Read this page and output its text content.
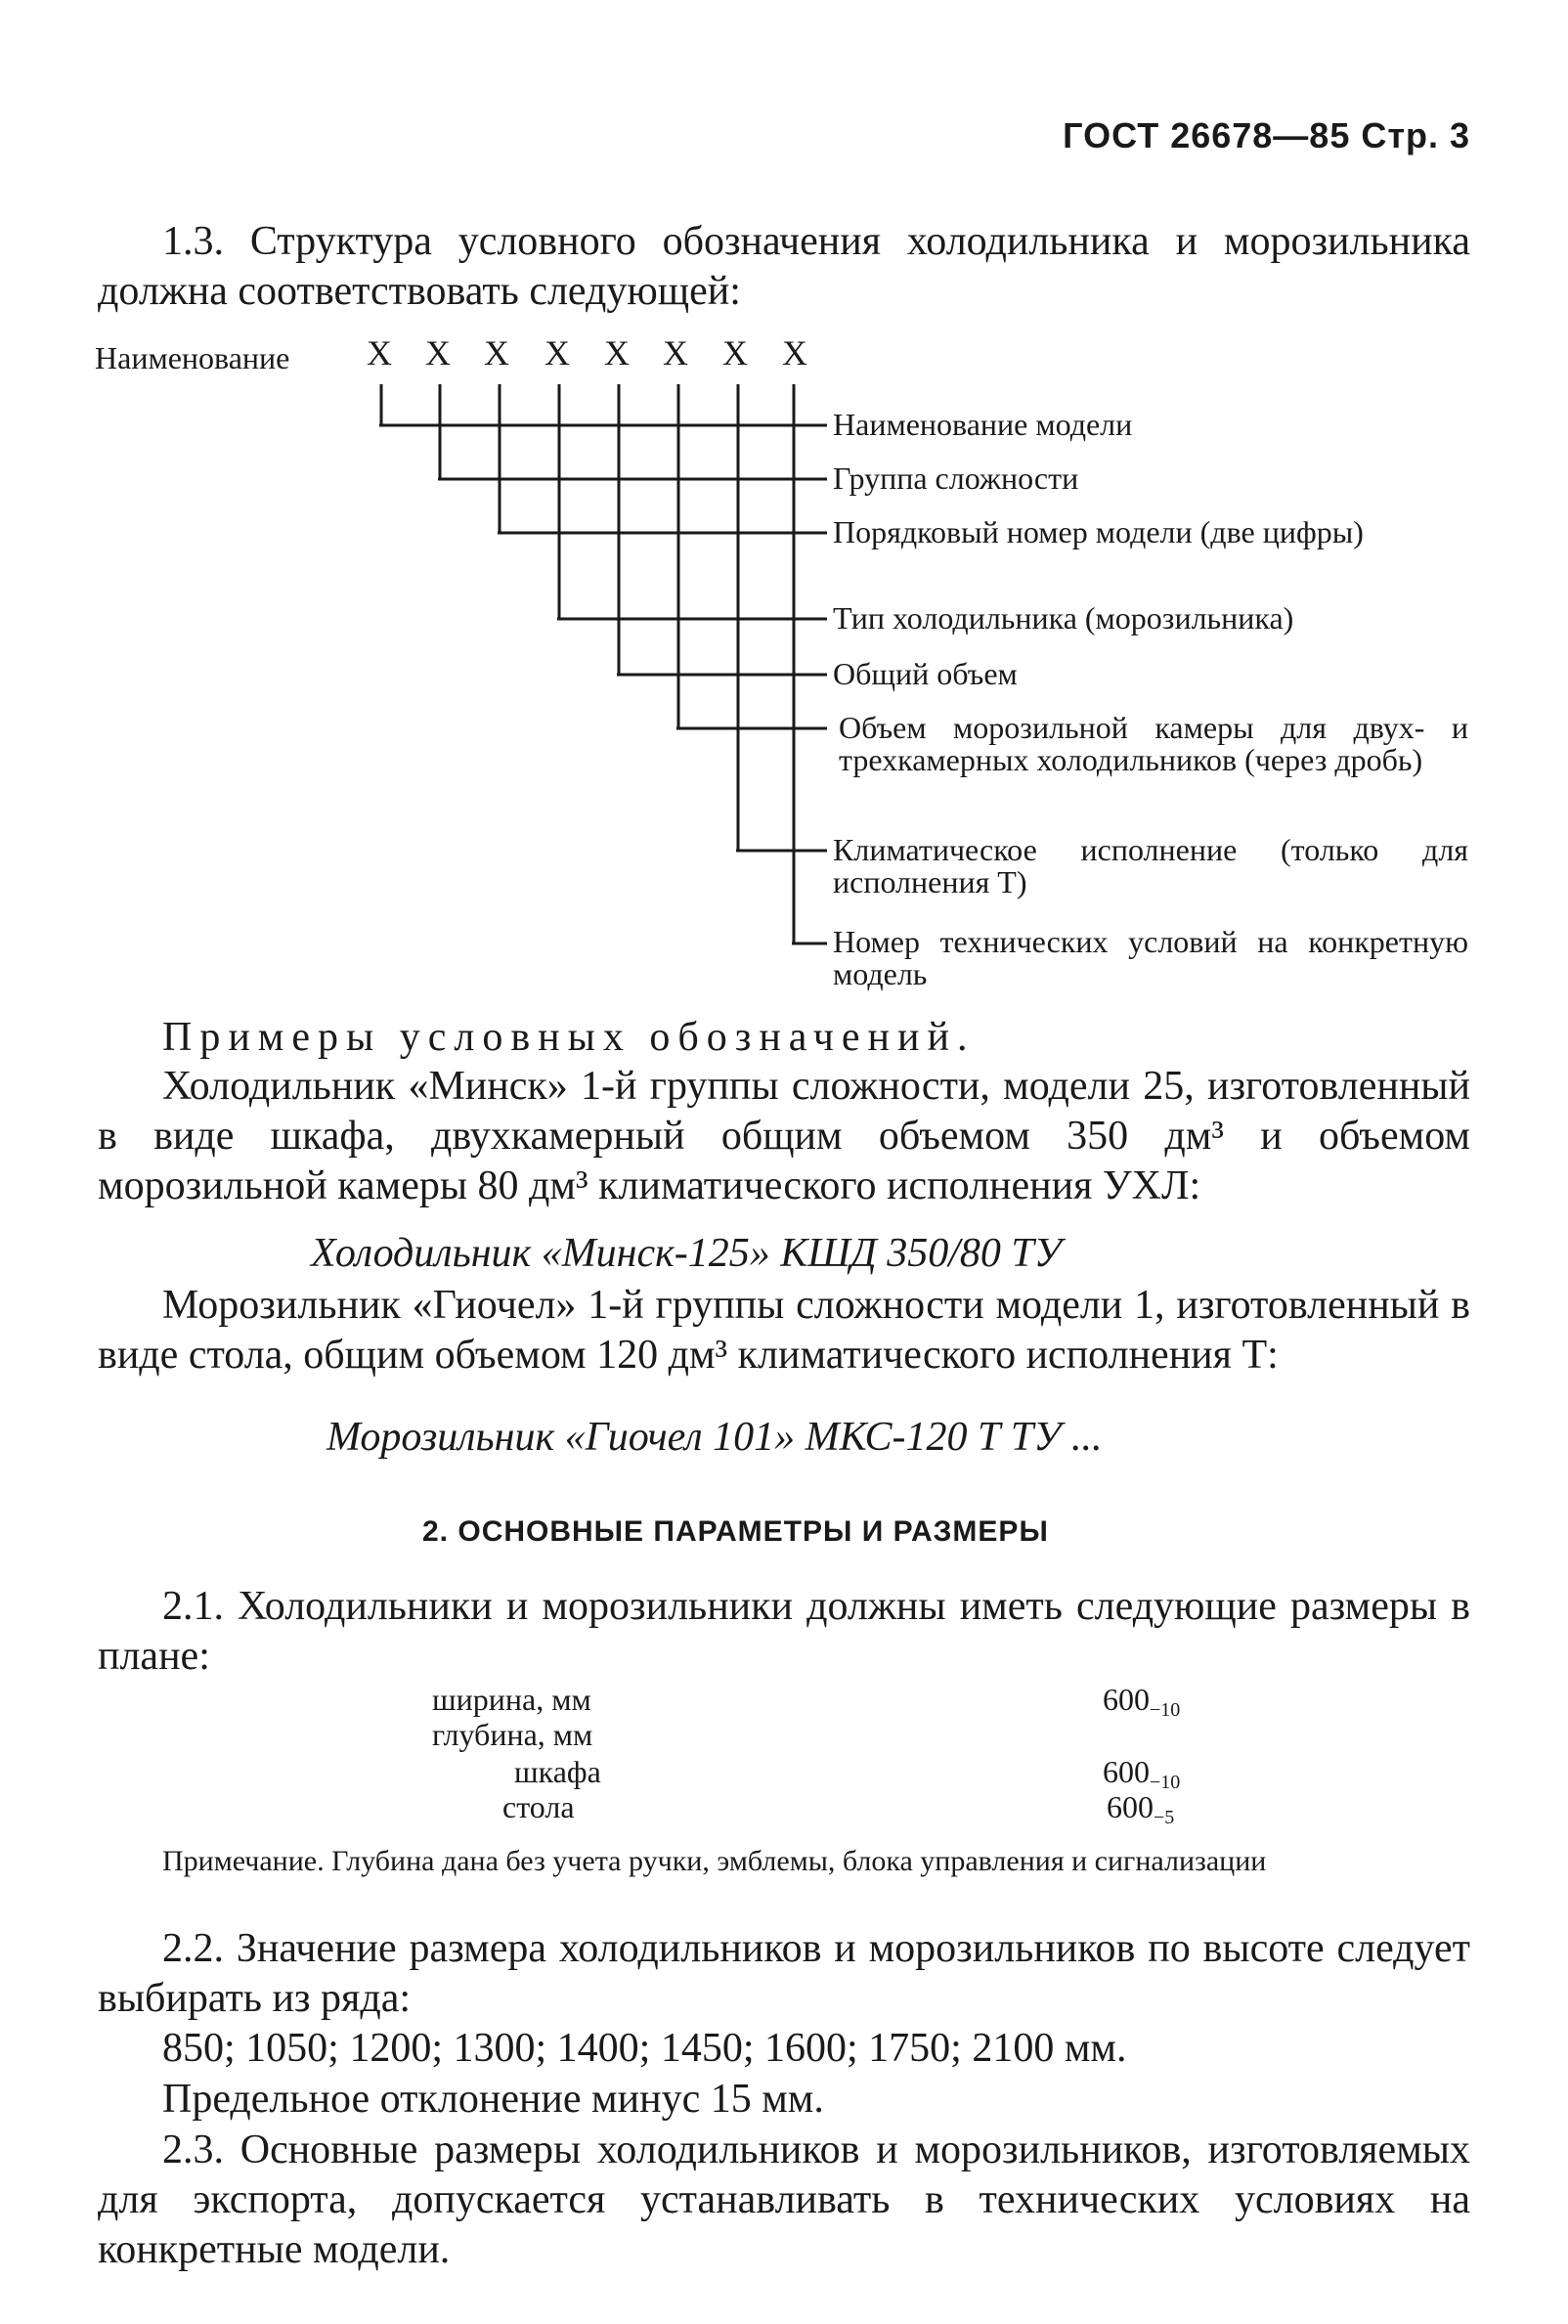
ГОСТ 26678—85 Стр. 3

1.3. Структура условного обозначения холодильника и морозильника должна соответствовать следующей:

Наименование X X X X X X X X
Наименование модели
Группа сложности
Порядковый номер модели (две цифры)
Тип холодильника (морозильника)
Общий объем
Объем морозильной камеры для двух- и трехкамерных холодильников (через дробь)
Климатическое исполнение (только для исполнения Т)
Номер технических условий на конкретную модель
Примеры условных обозначений.

Холодильник «Минск» 1-й группы сложности, модели 25, изготовленный в виде шкафа, двухкамерный общим объемом 350 дм³ и объемом морозильной камеры 80 дм³ климатического исполнения УХЛ:

Холодильник «Минск-125» КШД 350/80 ТУ

Морозильник «Гиочел» 1-й группы сложности модели 1, изготовленный в виде стола, общим объемом 120 дм³ климатического исполнения Т:

Морозильник «Гиочел 101» МКС-120 Т ТУ ...
2. ОСНОВНЫЕ ПАРАМЕТРЫ И РАЗМЕРЫ

2.1. Холодильники и морозильники должны иметь следующие размеры в плане:

ширина, мм	$600_{-10}$
глубина, мм
шкафа	$600_{-10}$
стола	$600_{-5}$

Примечание. Глубина дана без учета ручки, эмблемы, блока управления и сигнализации

2.2. Значение размера холодильников и морозильников по высоте следует выбирать из ряда:

850; 1050; 1200; 1300; 1400; 1450; 1600; 1750; 2100 мм.
Предельное отклонение минус 15 мм.

2.3. Основные размеры холодильников и морозильников, изготовляемых для экспорта, допускается устанавливать в технических условиях на конкретные модели.
